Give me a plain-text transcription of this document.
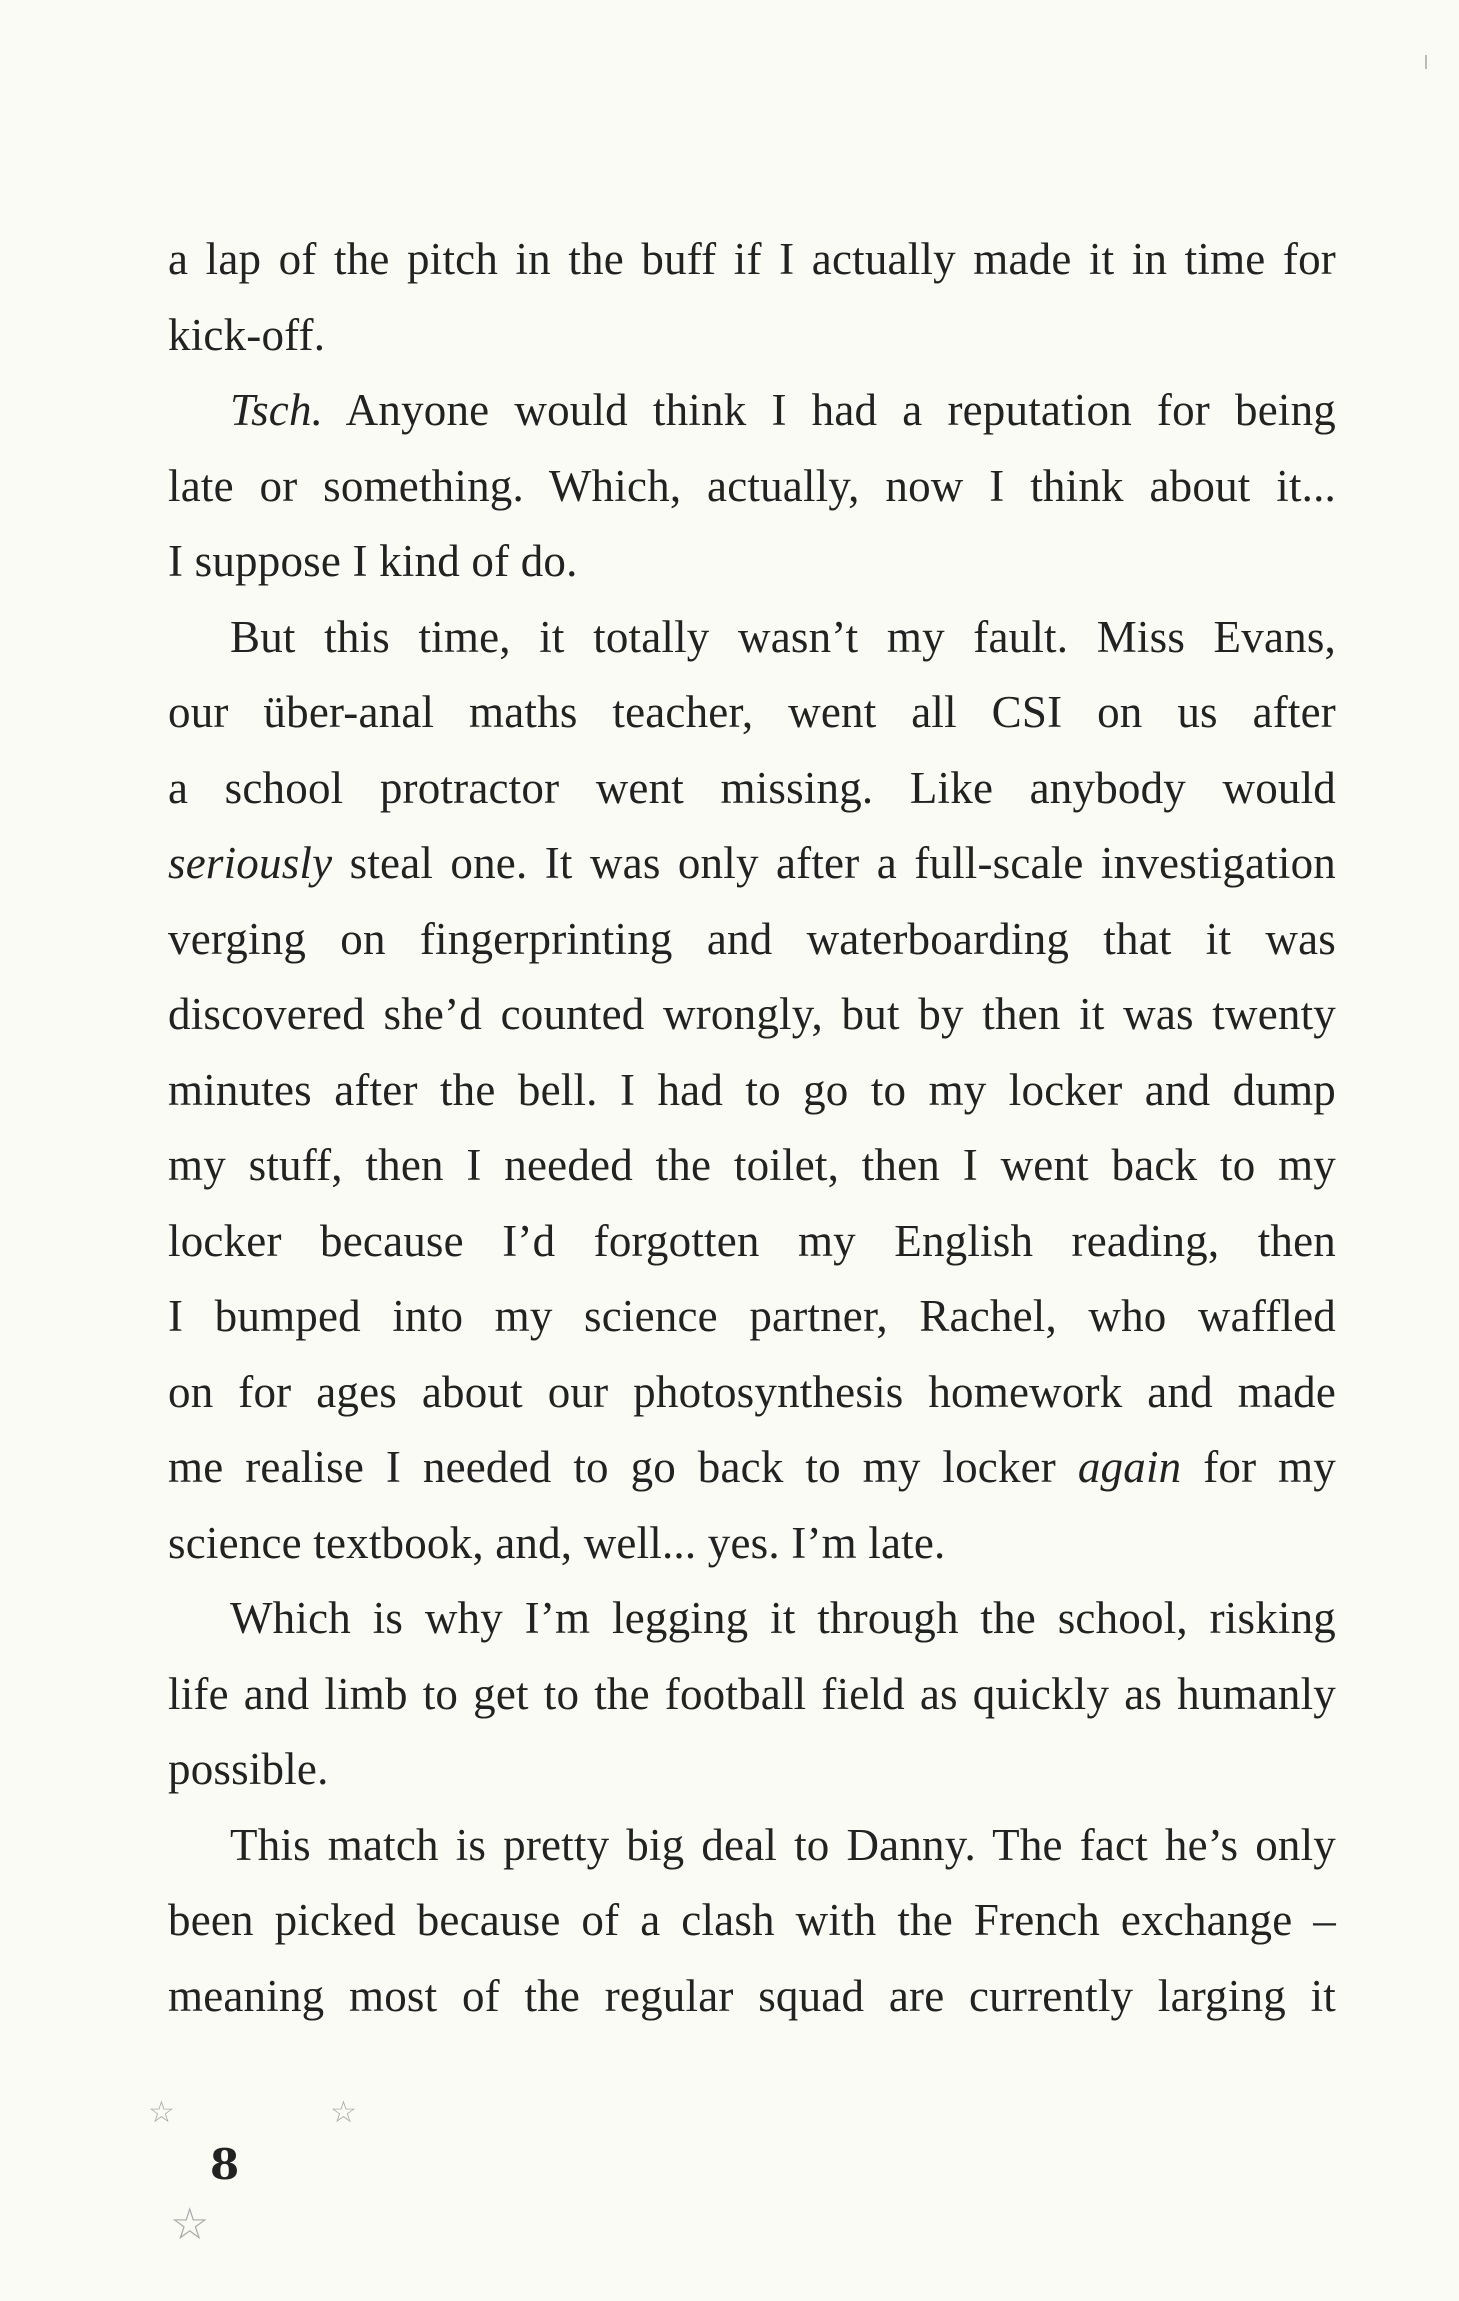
a lap of the pitch in the buff if I actually made it in time for
kick-off.
Tsch. Anyone would think I had a reputation for being
late or something. Which, actually, now I think about it...
I suppose I kind of do.
But this time, it totally wasn’t my fault. Miss Evans,
our über-anal maths teacher, went all CSI on us after
a school protractor went missing. Like anybody would
seriously steal one. It was only after a full-scale investigation
verging on fingerprinting and waterboarding that it was
discovered she’d counted wrongly, but by then it was twenty
minutes after the bell. I had to go to my locker and dump
my stuff, then I needed the toilet, then I went back to my
locker because I’d forgotten my English reading, then
I bumped into my science partner, Rachel, who waffled
on for ages about our photosynthesis homework and made
me realise I needed to go back to my locker again for my
science textbook, and, well... yes. I’m late.
Which is why I’m legging it through the school, risking
life and limb to get to the football field as quickly as humanly
possible.
This match is pretty big deal to Danny. The fact he’s only
been picked because of a clash with the French exchange –
meaning most of the regular squad are currently larging it
☆	☆
☆
8
